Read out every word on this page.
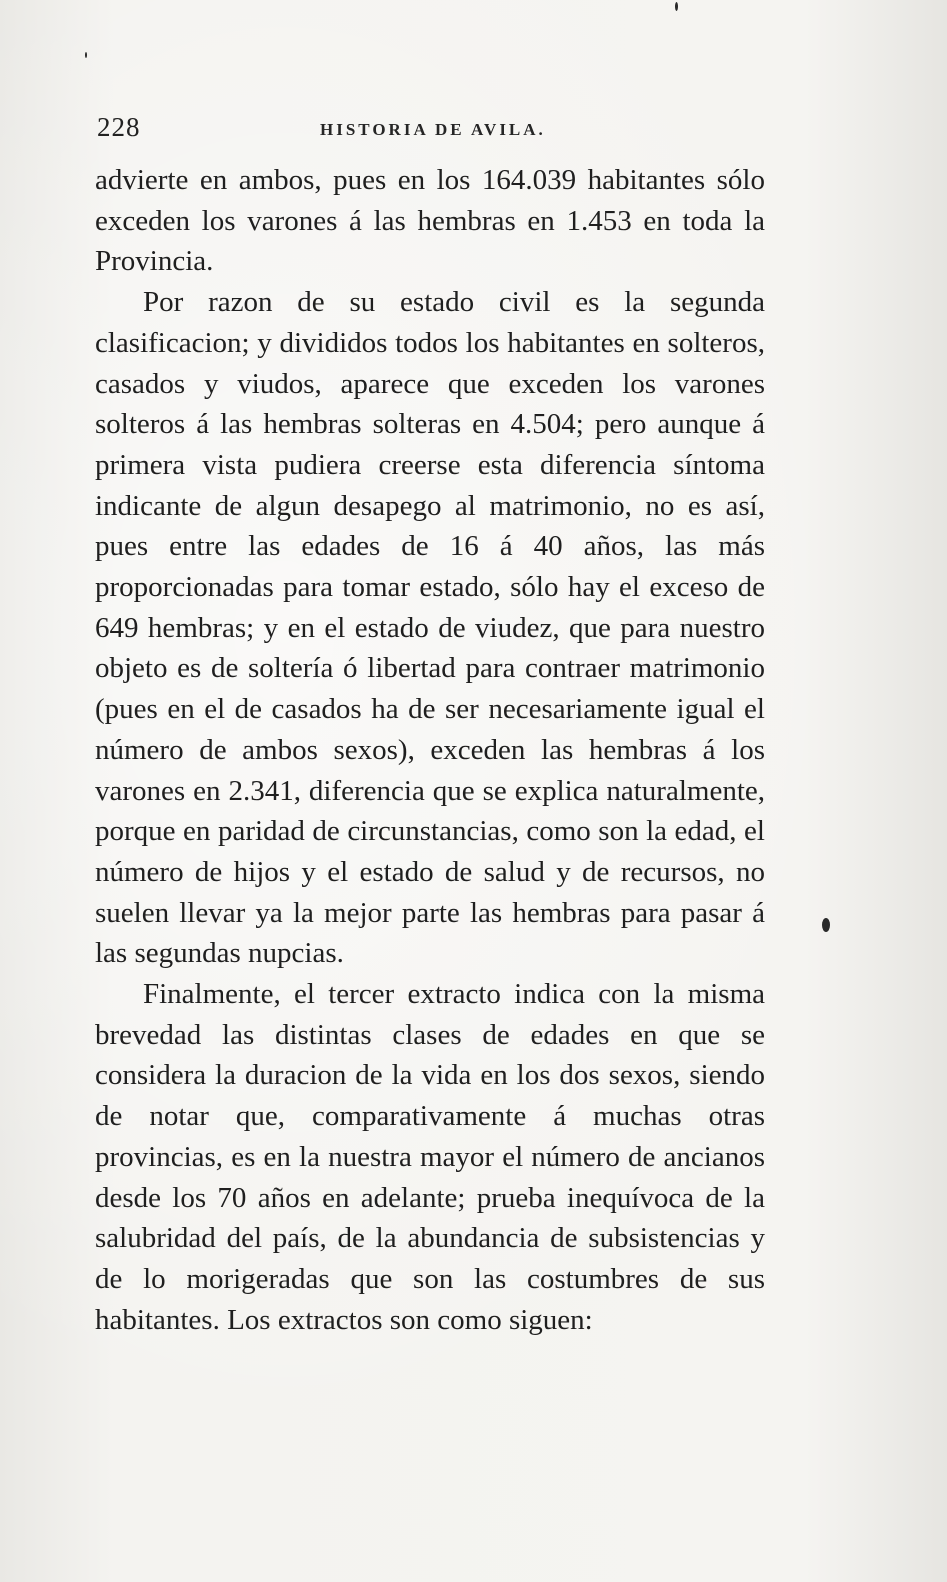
228	HISTORIA DE AVILA.

advierte en ambos, pues en los 164.039 habitantes sólo exceden los varones á las hembras en 1.453 en toda la Provincia.

Por razon de su estado civil es la segunda clasificacion; y divididos todos los habitantes en solteros, casados y viudos, aparece que exceden los varones solteros á las hembras solteras en 4.504; pero aunque á primera vista pudiera creerse esta diferencia síntoma indicante de algun desapego al matrimonio, no es así, pues entre las edades de 16 á 40 años, las más proporcionadas para tomar estado, sólo hay el exceso de 649 hembras; y en el estado de viudez, que para nuestro objeto es de soltería ó libertad para contraer matrimonio (pues en el de casados ha de ser necesariamente igual el número de ambos sexos), exceden las hembras á los varones en 2.341, diferencia que se explica naturalmente, porque en paridad de circunstancias, como son la edad, el número de hijos y el estado de salud y de recursos, no suelen llevar ya la mejor parte las hembras para pasar á las segundas nupcias.

Finalmente, el tercer extracto indica con la misma brevedad las distintas clases de edades en que se considera la duracion de la vida en los dos sexos, siendo de notar que, comparativamente á muchas otras provincias, es en la nuestra mayor el número de ancianos desde los 70 años en adelante; prueba inequívoca de la salubridad del país, de la abundancia de subsistencias y de lo morigeradas que son las costumbres de sus habitantes. Los extractos son como siguen:
